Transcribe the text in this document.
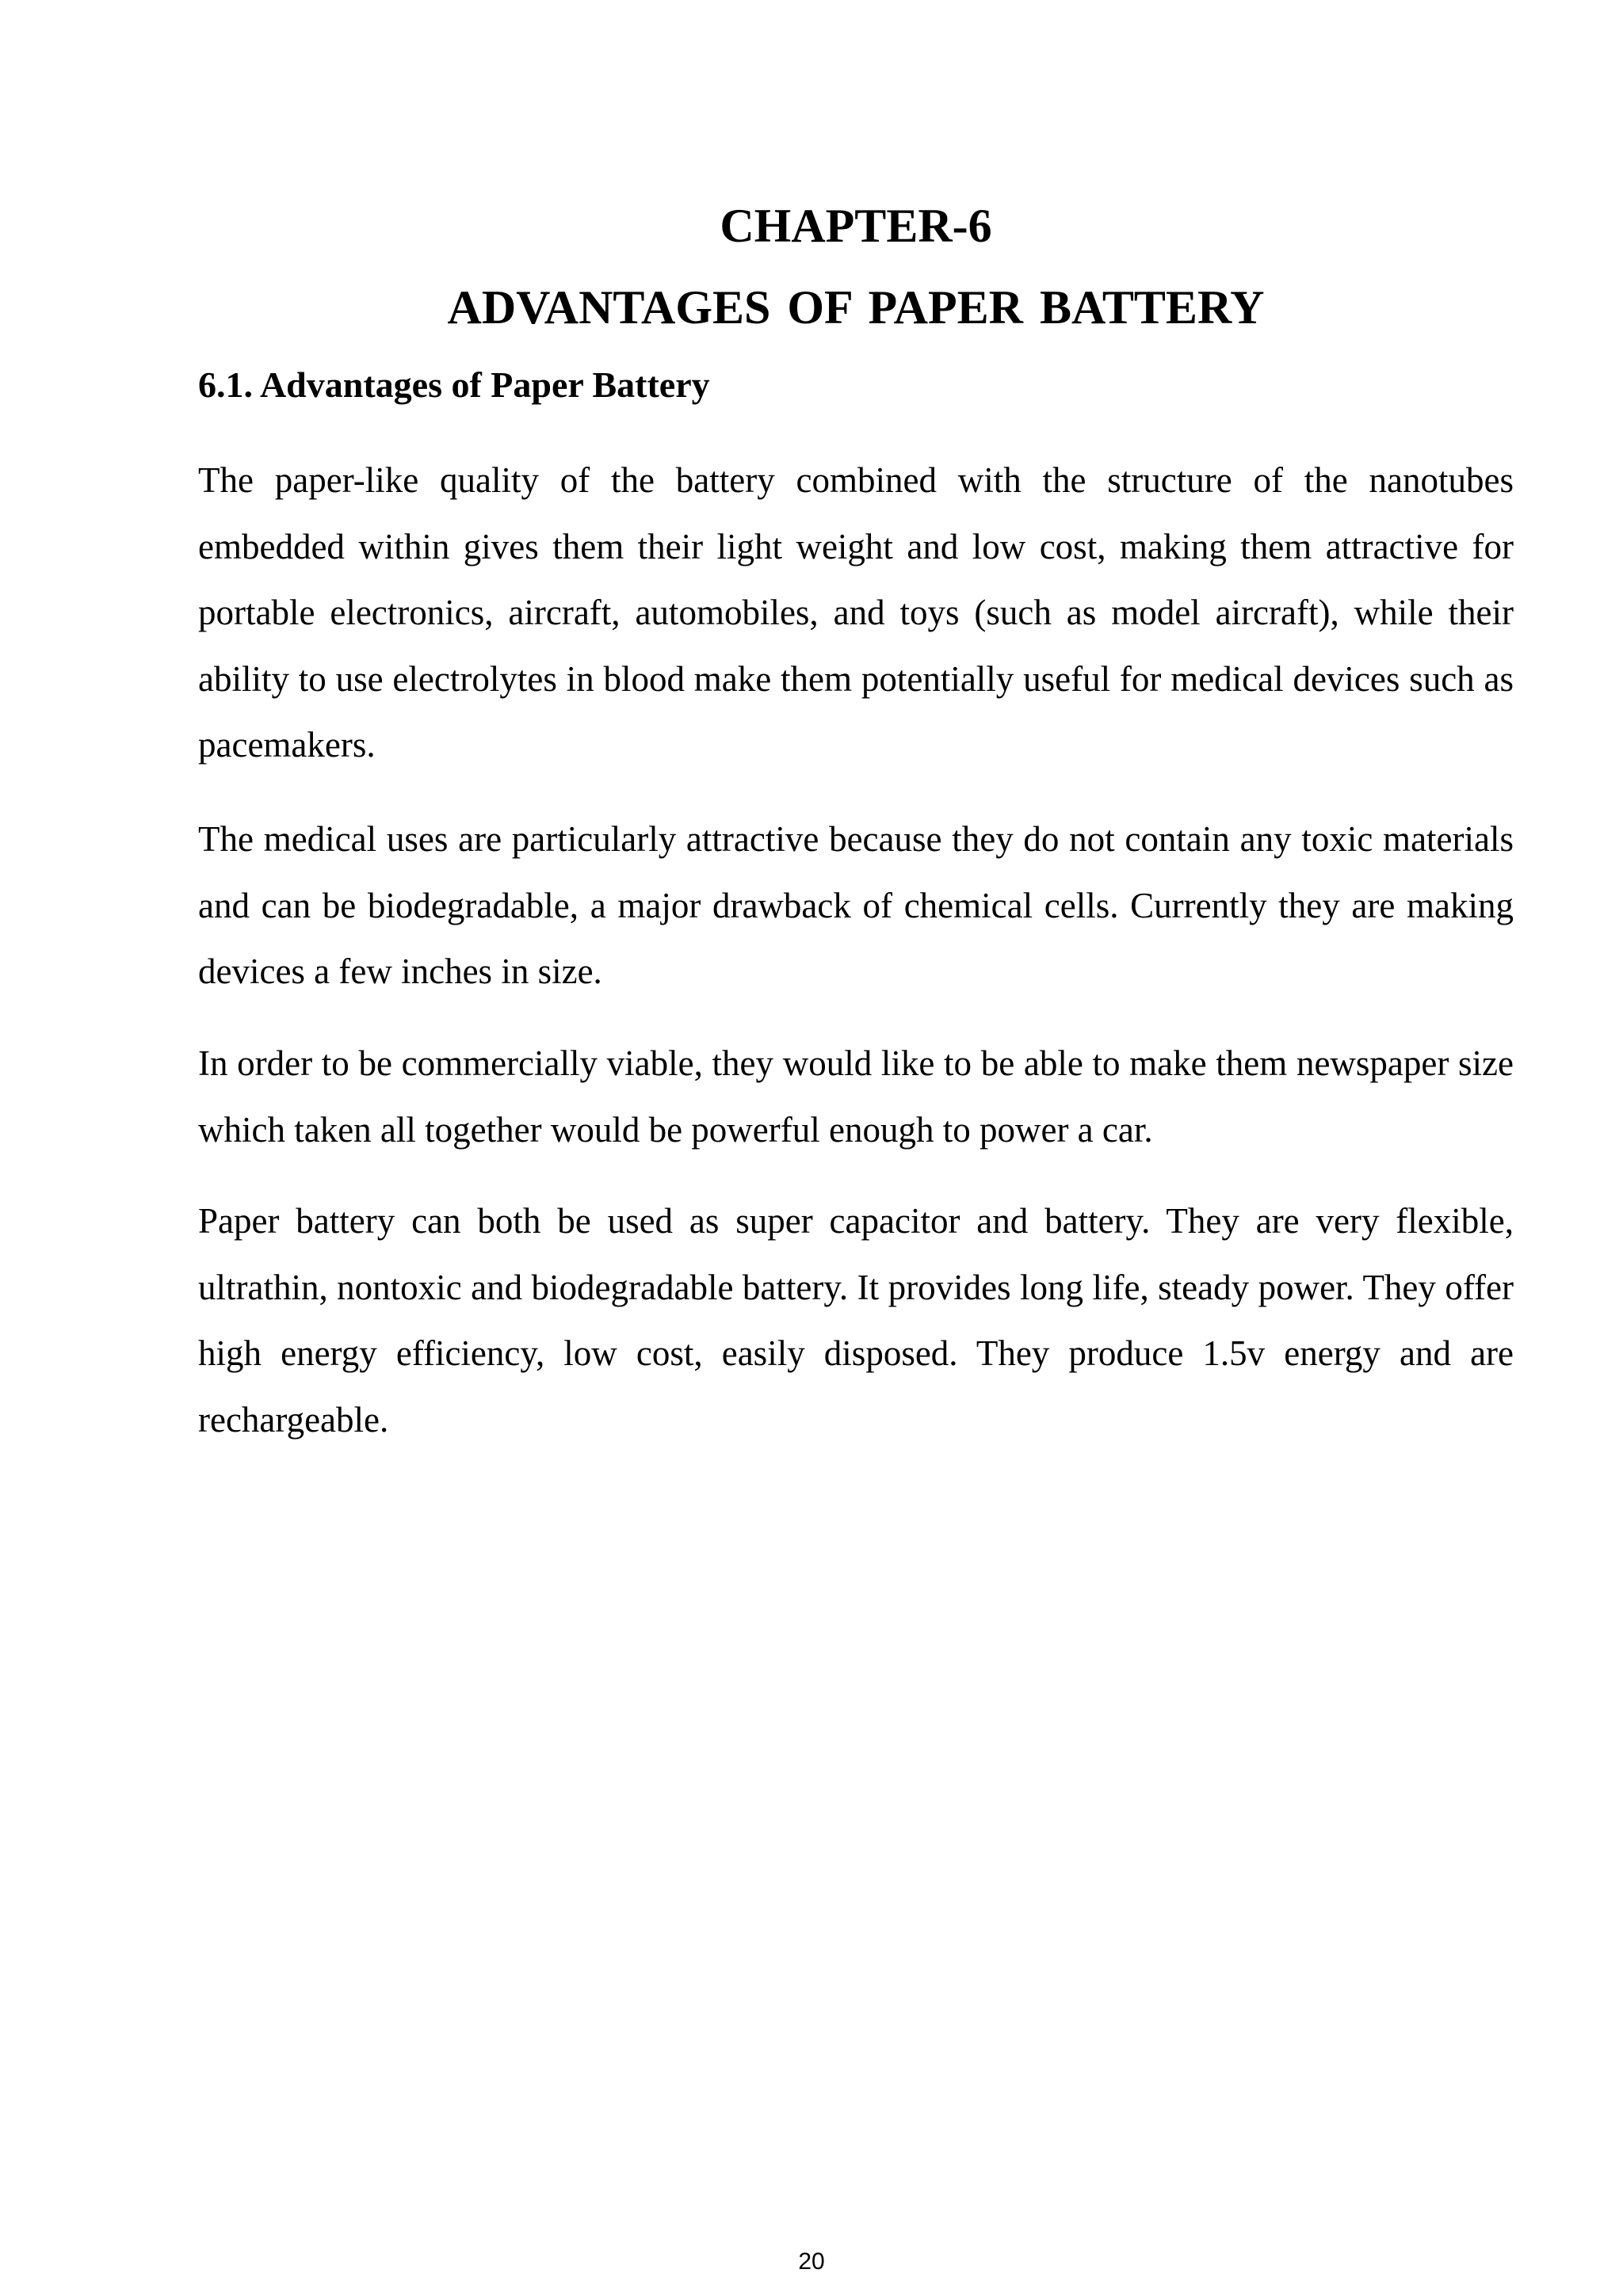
CHAPTER-6
ADVANTAGES OF PAPER BATTERY
6.1. Advantages of Paper Battery

The paper-like quality of the battery combined with the structure of the nanotubes embedded within gives them their light weight and low cost, making them attractive for portable electronics, aircraft, automobiles, and toys (such as model aircraft), while their ability to use electrolytes in blood make them potentially useful for medical devices such as pacemakers.

The medical uses are particularly attractive because they do not contain any toxic materials and can be biodegradable, a major drawback of chemical cells. Currently they are making devices a few inches in size.

In order to be commercially viable, they would like to be able to make them newspaper size which taken all together would be powerful enough to power a car.

Paper battery can both be used as super capacitor and battery. They are very flexible, ultrathin, nontoxic and biodegradable battery. It provides long life, steady power. They offer high energy efficiency, low cost, easily disposed. They produce 1.5v energy and are rechargeable.

20
